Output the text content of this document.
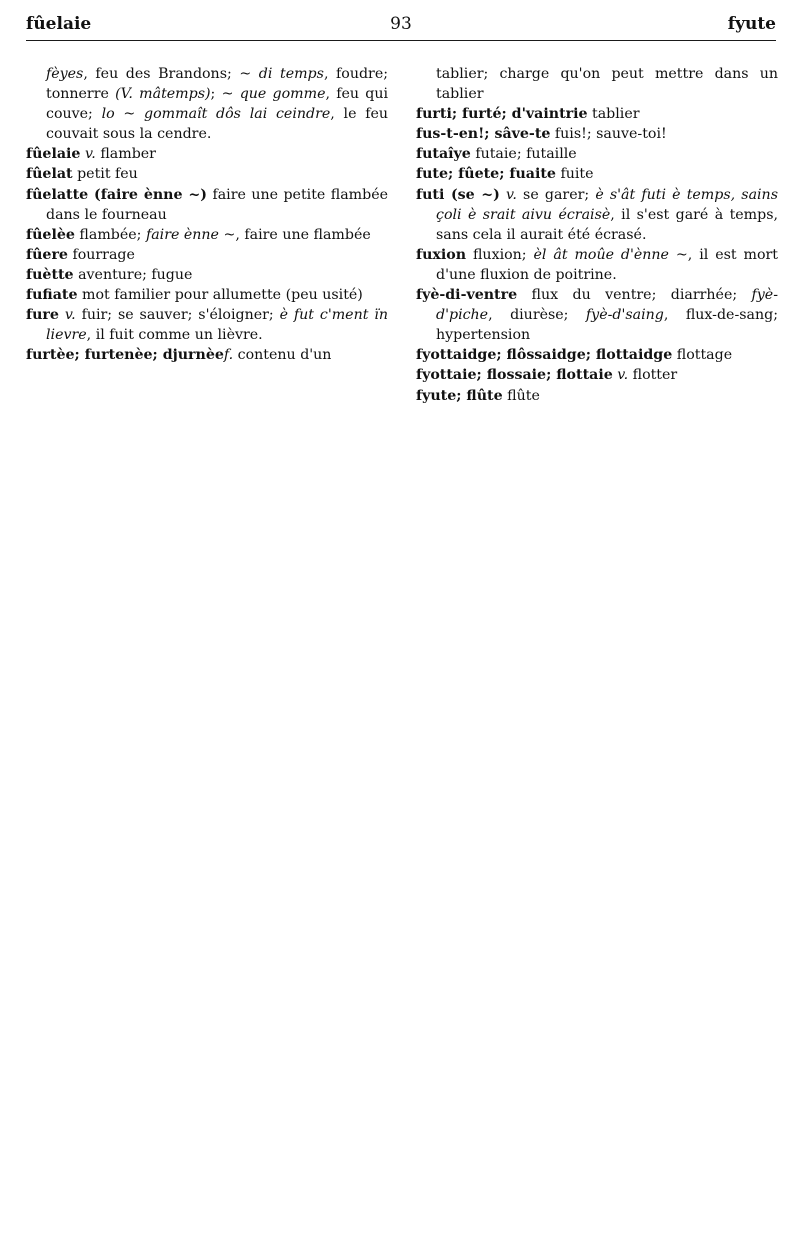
fûelaie	93	fyute

fèyes, feu des Brandons; ~ di temps, foudre; tonnerre (V. mâtemps); ~ que gomme, feu qui couve; lo ~ gommaît dôs lai ceindre, le feu couvait sous la cendre.

fûelaie v. flamber

fûelat petit feu

fûelatte (faire ènne ~) faire une petite flambée dans le fourneau

fûelèe flambée; faire ènne ~, faire une flambée

fûere fourrage

fuètte aventure; fugue

fufiate mot familier pour allumette (peu usité)

fure v. fuir; se sauver; s'éloigner; è fut c'ment ïn lievre, il fuit comme un lièvre.

furtèe; furtenèe; djurnèef. contenu d'un

tablier; charge qu'on peut mettre dans un tablier

furti; furté; d'vaintrie tablier

fus-t-en!; sâve-te fuis!; sauve-toi!

futaîye futaie; futaille

fute; fûete; fuaite fuite

futi (se ~) v. se garer; è s'ât futi è temps, sains çoli è srait aivu écraisè, il s'est garé à temps, sans cela il aurait été écrasé.

fuxion fluxion; èl ât moûe d'ènne ~, il est mort d'une fluxion de poitrine.

fyè-di-ventre flux du ventre; diarrhée; fyè-d'piche, diurèse; fyè-d'saing, flux-de-sang; hypertension

fyottaidge; flôssaidge; flottaidge flottage

fyottaie; flossaie; flottaie v. flotter

fyute; flûte flûte
